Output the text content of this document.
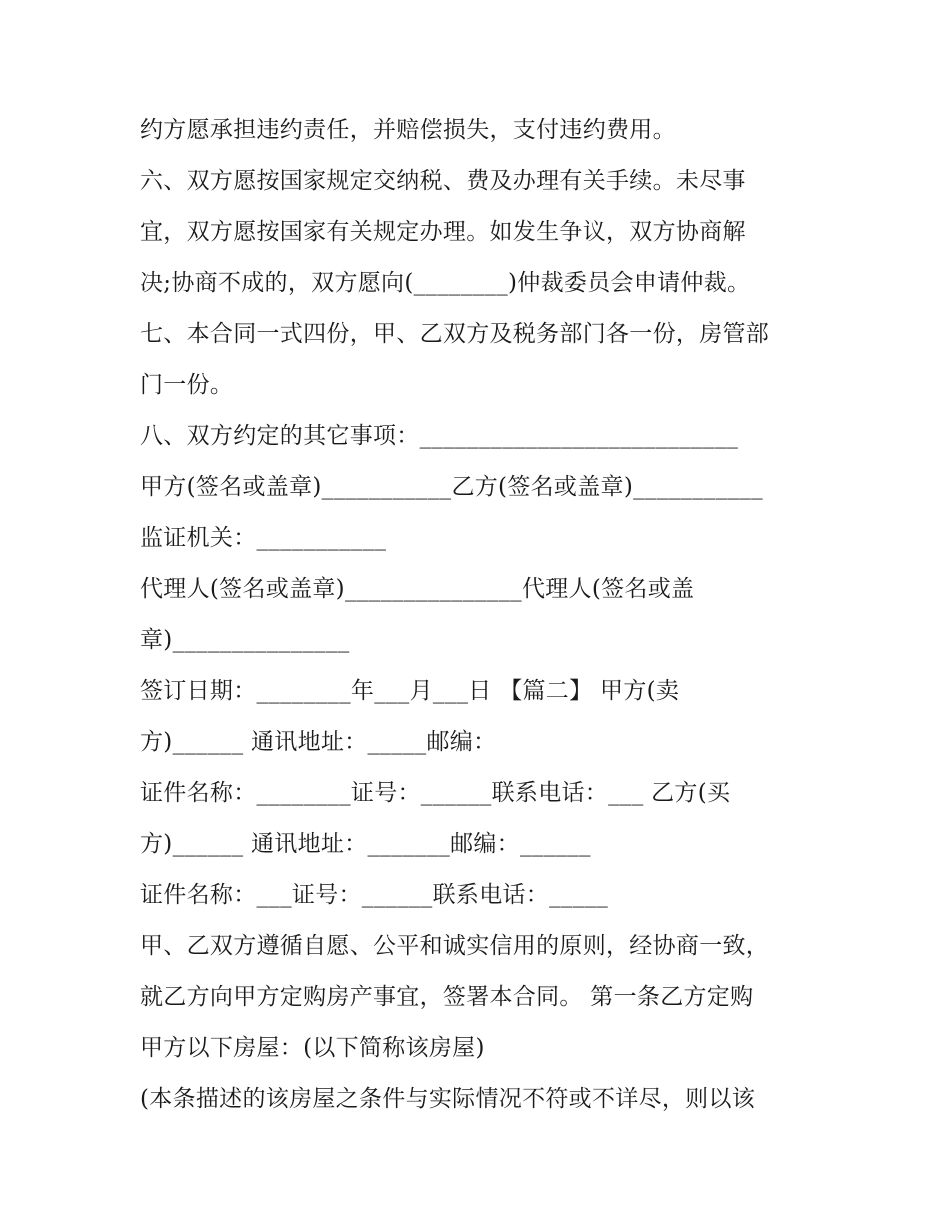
约方愿承担违约责任，并赔偿损失，支付违约费用。
六、双方愿按国家规定交纳税、费及办理有关手续。未尽事
宜，双方愿按国家有关规定办理。如发生争议，双方协商解
决;协商不成的，双方愿向(________)仲裁委员会申请仲裁。
七、本合同一式四份，甲、乙双方及税务部门各一份，房管部
门一份。
八、双方约定的其它事项：___________________________
甲方(签名或盖章)___________乙方(签名或盖章)___________
监证机关：___________
代理人(签名或盖章)_______________代理人(签名或盖
章)_______________
签订日期：________年___月___日 【篇二】 甲方(卖
方)______ 通讯地址：_____邮编：
证件名称：________证号：______联系电话：___ 乙方(买
方)______ 通讯地址：_______邮编：______
证件名称：___证号：______联系电话：_____
甲、乙双方遵循自愿、公平和诚实信用的原则，经协商一致，
就乙方向甲方定购房产事宜，签署本合同。 第一条乙方定购
甲方以下房屋：(以下简称该房屋)
(本条描述的该房屋之条件与实际情况不符或不详尽，则以该
